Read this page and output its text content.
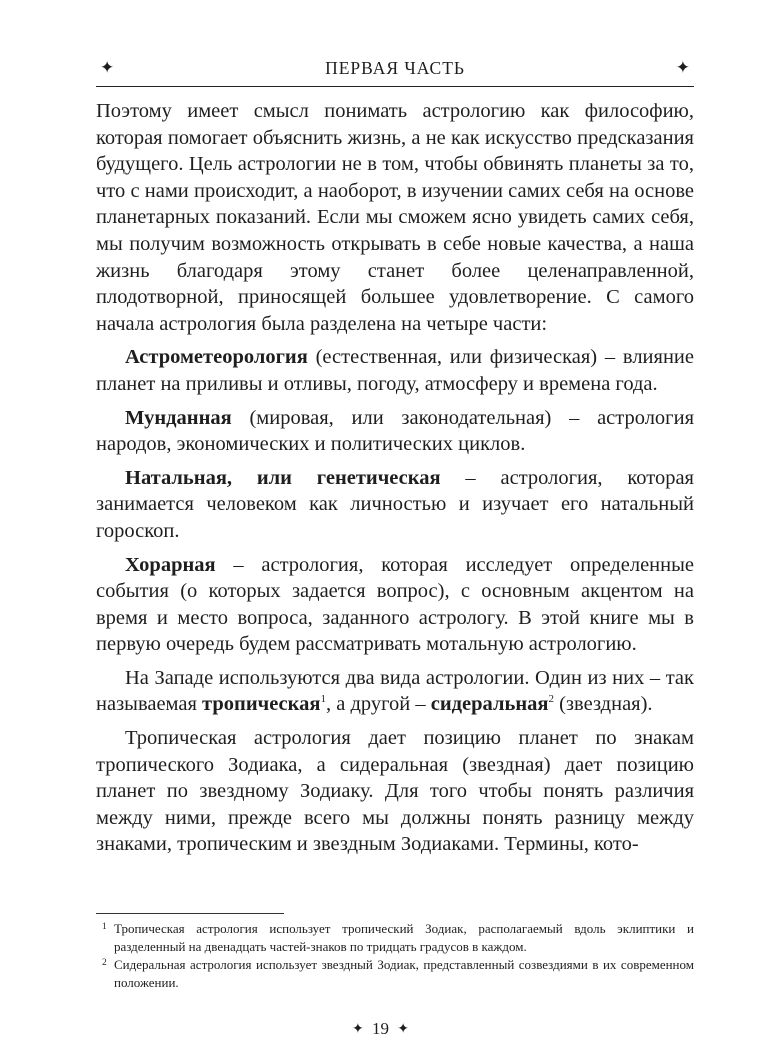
✦	ПЕРВАЯ ЧАСТЬ	✦

Поэтому имеет смысл понимать астрологию как философию, которая помогает объяснить жизнь, а не как искусство предсказания будущего. Цель астрологии не в том, чтобы обвинять планеты за то, что с нами происходит, а наоборот, в изучении самих себя на основе планетарных показаний. Если мы сможем ясно увидеть самих себя, мы получим возможность открывать в себе новые качества, а наша жизнь благодаря этому станет более целенаправленной, плодотворной, приносящей большее удовлетворение. С самого начала астрология была разделена на четыре части:

Астрометеорология (естественная, или физическая) – влияние планет на приливы и отливы, погоду, атмосферу и времена года.

Мунданная (мировая, или законодательная) – астрология народов, экономических и политических циклов.

Натальная, или генетическая – астрология, которая занимается человеком как личностью и изучает его натальный гороскоп.

Хорарная – астрология, которая исследует определенные события (о которых задается вопрос), с основным акцентом на время и место вопроса, заданного астрологу. В этой книге мы в первую очередь будем рассматривать мотальную астрологию.

На Западе используются два вида астрологии. Один из них – так называемая тропическая$^1$, а другой – сидеральная$^2$ (звездная).

Тропическая астрология дает позицию планет по знакам тропического Зодиака, а сидеральная (звездная) дает позицию планет по звездному Зодиаку. Для того чтобы понять различия между ними, прежде всего мы должны понять разницу между знаками, тропическим и звездным Зодиаками. Термины, кото-

1 Тропическая астрология использует тропический Зодиак, располагаемый вдоль эклиптики и разделенный на двенадцать частей-знаков по тридцать градусов в каждом.

2 Сидеральная астрология использует звездный Зодиак, представленный созвездиями в их современном положении.

✦ 19 ✦
